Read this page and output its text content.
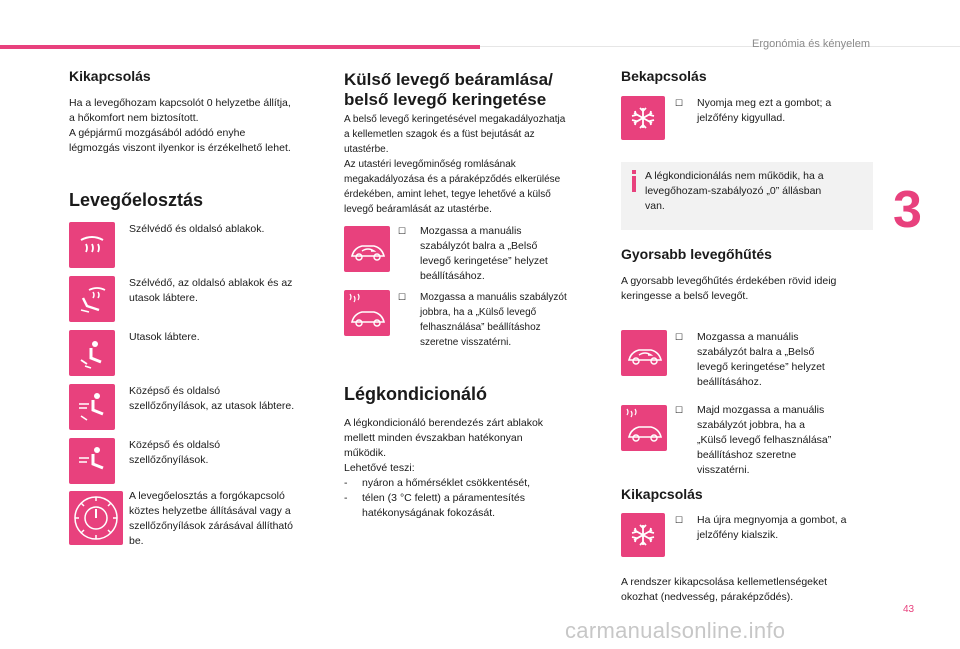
Ergonómia és kényelem
3
43
carmanualsonline.info
Kikapcsolás

Ha a levegőhozam kapcsolót 0 helyzetbe állítja,
a hőkomfort nem biztosított.
A gépjármű mozgásából adódó enyhe
légmozgás viszont ilyenkor is érzékelhető lehet.

Levegőelosztás
Szélvédő és oldalsó ablakok.
Szélvédő, az oldalsó ablakok és az
utasok lábtere.
Utasok lábtere.
Középső és oldalsó
szellőzőnyílások, az utasok lábtere.
Középső és oldalsó
szellőzőnyílások.
A levegőelosztás a forgókapcsoló
köztes helyzetbe állításával vagy a
szellőzőnyílások zárásával állítható
be.
Külső levegő beáramlása/
belső levegő keringetése

A belső levegő keringetésével megakadályozhatja
a kellemetlen szagok és a füst bejutását az
utastérbe.
Az utastéri levegőminőség romlásának
megakadályozása és a páraképződés elkerülése
érdekében, amint lehet, tegye lehetővé a külső
levegő beáramlását az utastérbe.

☐	Mozgassa a manuális
szabályzót balra a „Belső
levegő keringetése” helyzet
beállításához.
☐	Mozgassa a manuális szabályzót
jobbra, ha a „Külső levegő
felhasználása” beállításhoz
szeretne visszatérni.
Légkondicionáló

A légkondicionáló berendezés zárt ablakok
mellett minden évszakban hatékonyan
működik.
Lehetővé teszi:
- nyáron a hőmérséklet csökkentését,
- télen (3 °C felett) a páramentesítés
hatékonyságának fokozását.

Bekapcsolás
☐	Nyomja meg ezt a gombot; a
jelzőfény kigyullad.
A légkondicionálás nem működik, ha a
levegőhozam-szabályozó „0” állásban
van.
Gyorsabb levegőhűtés

A gyorsabb levegőhűtés érdekében rövid ideig
keringesse a belső levegőt.

☐	Mozgassa a manuális
szabályzót balra a „Belső
levegő keringetése” helyzet
beállításához.
☐	Majd mozgassa a manuális
szabályzót jobbra, ha a
„Külső levegő felhasználása”
beállításhoz szeretne
visszatérni.
Kikapcsolás
☐	Ha újra megnyomja a gombot, a
jelzőfény kialszik.

A rendszer kikapcsolása kellemetlenségeket
okozhat (nedvesség, páraképződés).
